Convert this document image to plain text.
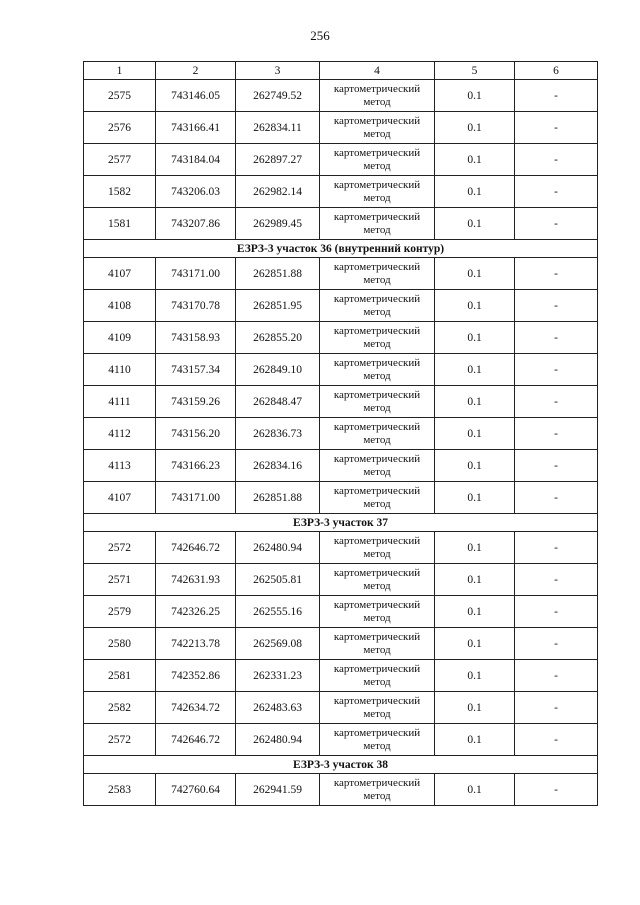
256
1	2	3	4	5	6
2575	743146.05	262749.52	картометрический метод	0.1	-
2576	743166.41	262834.11	картометрический метод	0.1	-
2577	743184.04	262897.27	картометрический метод	0.1	-
1582	743206.03	262982.14	картометрический метод	0.1	-
1581	743207.86	262989.45	картометрический метод	0.1	-
ЕЗРЗ-3 участок 36 (внутренний контур)					
4107	743171.00	262851.88	картометрический метод	0.1	-
4108	743170.78	262851.95	картометрический метод	0.1	-
4109	743158.93	262855.20	картометрический метод	0.1	-
4110	743157.34	262849.10	картометрический метод	0.1	-
4111	743159.26	262848.47	картометрический метод	0.1	-
4112	743156.20	262836.73	картометрический метод	0.1	-
4113	743166.23	262834.16	картометрический метод	0.1	-
4107	743171.00	262851.88	картометрический метод	0.1	-
ЕЗРЗ-3 участок 37					
2572	742646.72	262480.94	картометрический метод	0.1	-
2571	742631.93	262505.81	картометрический метод	0.1	-
2579	742326.25	262555.16	картометрический метод	0.1	-
2580	742213.78	262569.08	картометрический метод	0.1	-
2581	742352.86	262331.23	картометрический метод	0.1	-
2582	742634.72	262483.63	картометрический метод	0.1	-
2572	742646.72	262480.94	картометрический метод	0.1	-
ЕЗРЗ-3 участок 38					
2583	742760.64	262941.59	картометрический метод	0.1	-
